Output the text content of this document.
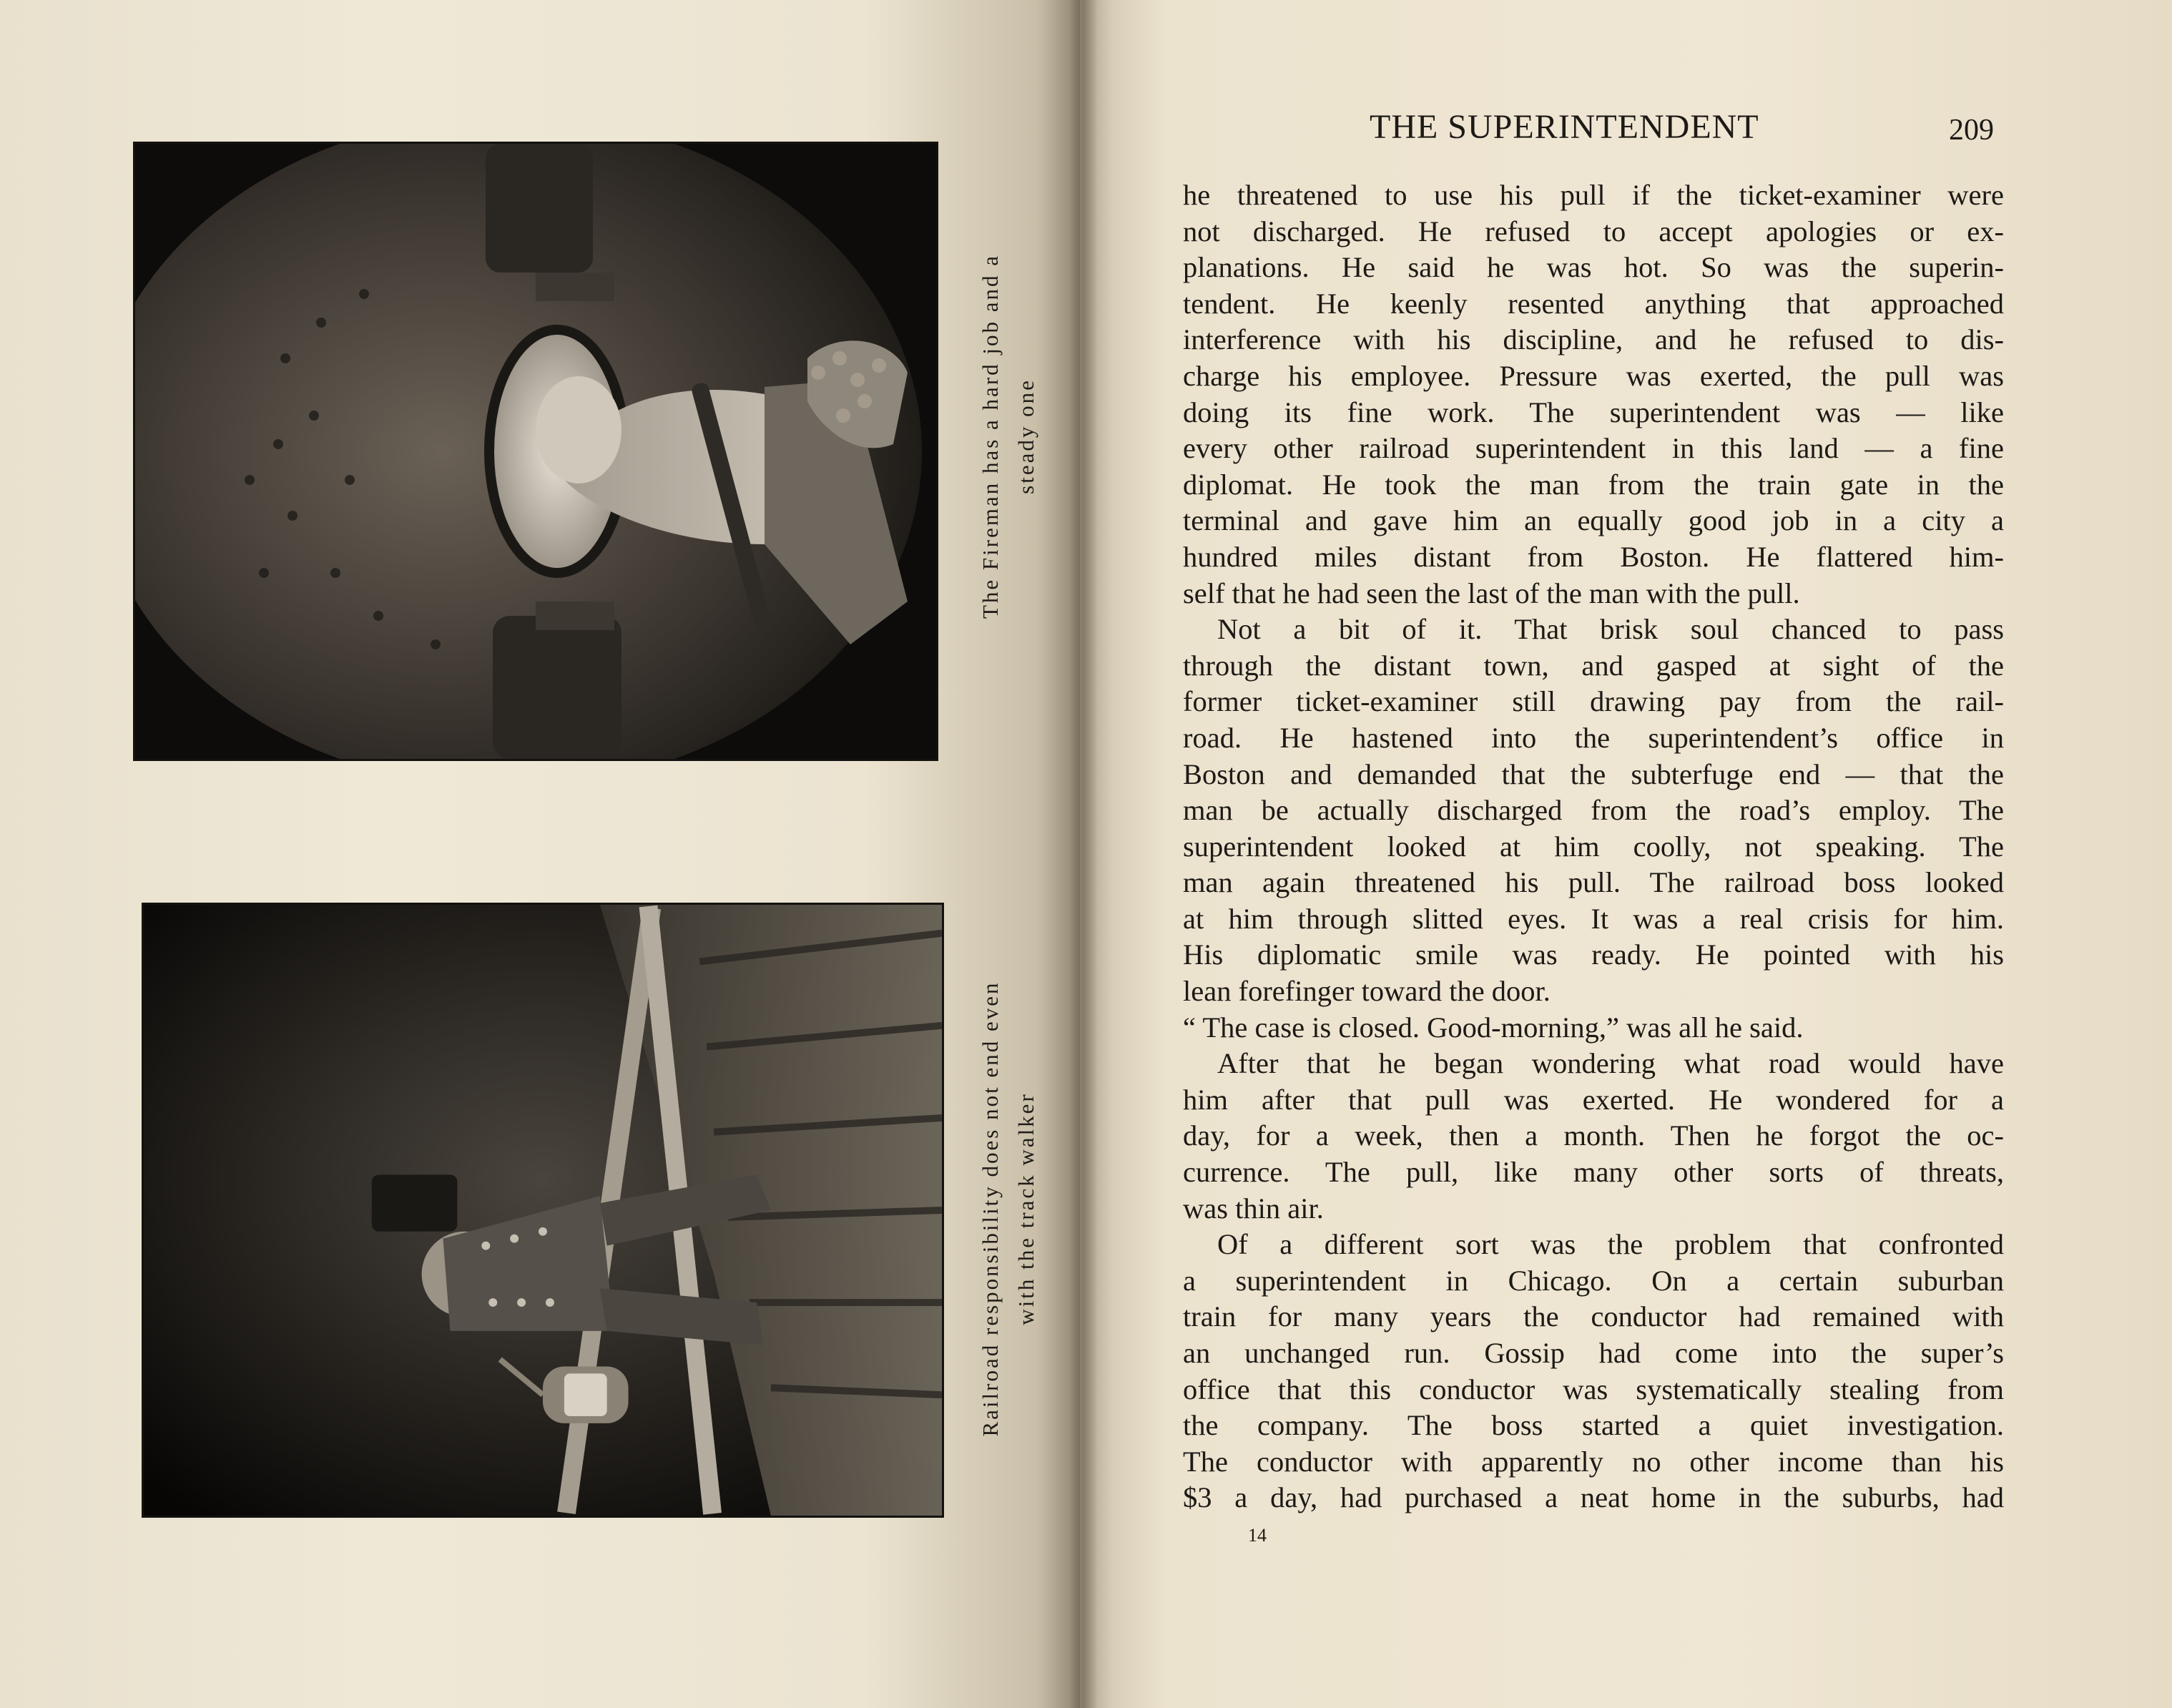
The Fireman has a hard job and a steady one
Railroad responsibility does not end even with the track walker
THE SUPERINTENDENT	209
he threatened to use his pull if the ticket-examiner were
not discharged. He refused to accept apologies or ex-
planations. He said he was hot. So was the superin-
tendent. He keenly resented anything that approached
interference with his discipline, and he refused to dis-
charge his employee. Pressure was exerted, the pull was
doing its fine work. The superintendent was — like
every other railroad superintendent in this land — a fine
diplomat. He took the man from the train gate in the
terminal and gave him an equally good job in a city a
hundred miles distant from Boston. He flattered him-
self that he had seen the last of the man with the pull.
Not a bit of it. That brisk soul chanced to pass
through the distant town, and gasped at sight of the
former ticket-examiner still drawing pay from the rail-
road. He hastened into the superintendent’s office in
Boston and demanded that the subterfuge end — that the
man be actually discharged from the road’s employ. The
superintendent looked at him coolly, not speaking. The
man again threatened his pull. The railroad boss looked
at him through slitted eyes. It was a real crisis for him.
His diplomatic smile was ready. He pointed with his
lean forefinger toward the door.
“ The case is closed. Good-morning,” was all he said.
After that he began wondering what road would have
him after that pull was exerted. He wondered for a
day, for a week, then a month. Then he forgot the oc-
currence. The pull, like many other sorts of threats,
was thin air.
Of a different sort was the problem that confronted
a superintendent in Chicago. On a certain suburban
train for many years the conductor had remained with
an unchanged run. Gossip had come into the super’s
office that this conductor was systematically stealing from
the company. The boss started a quiet investigation.
The conductor with apparently no other income than his
$3 a day, had purchased a neat home in the suburbs, had
14
